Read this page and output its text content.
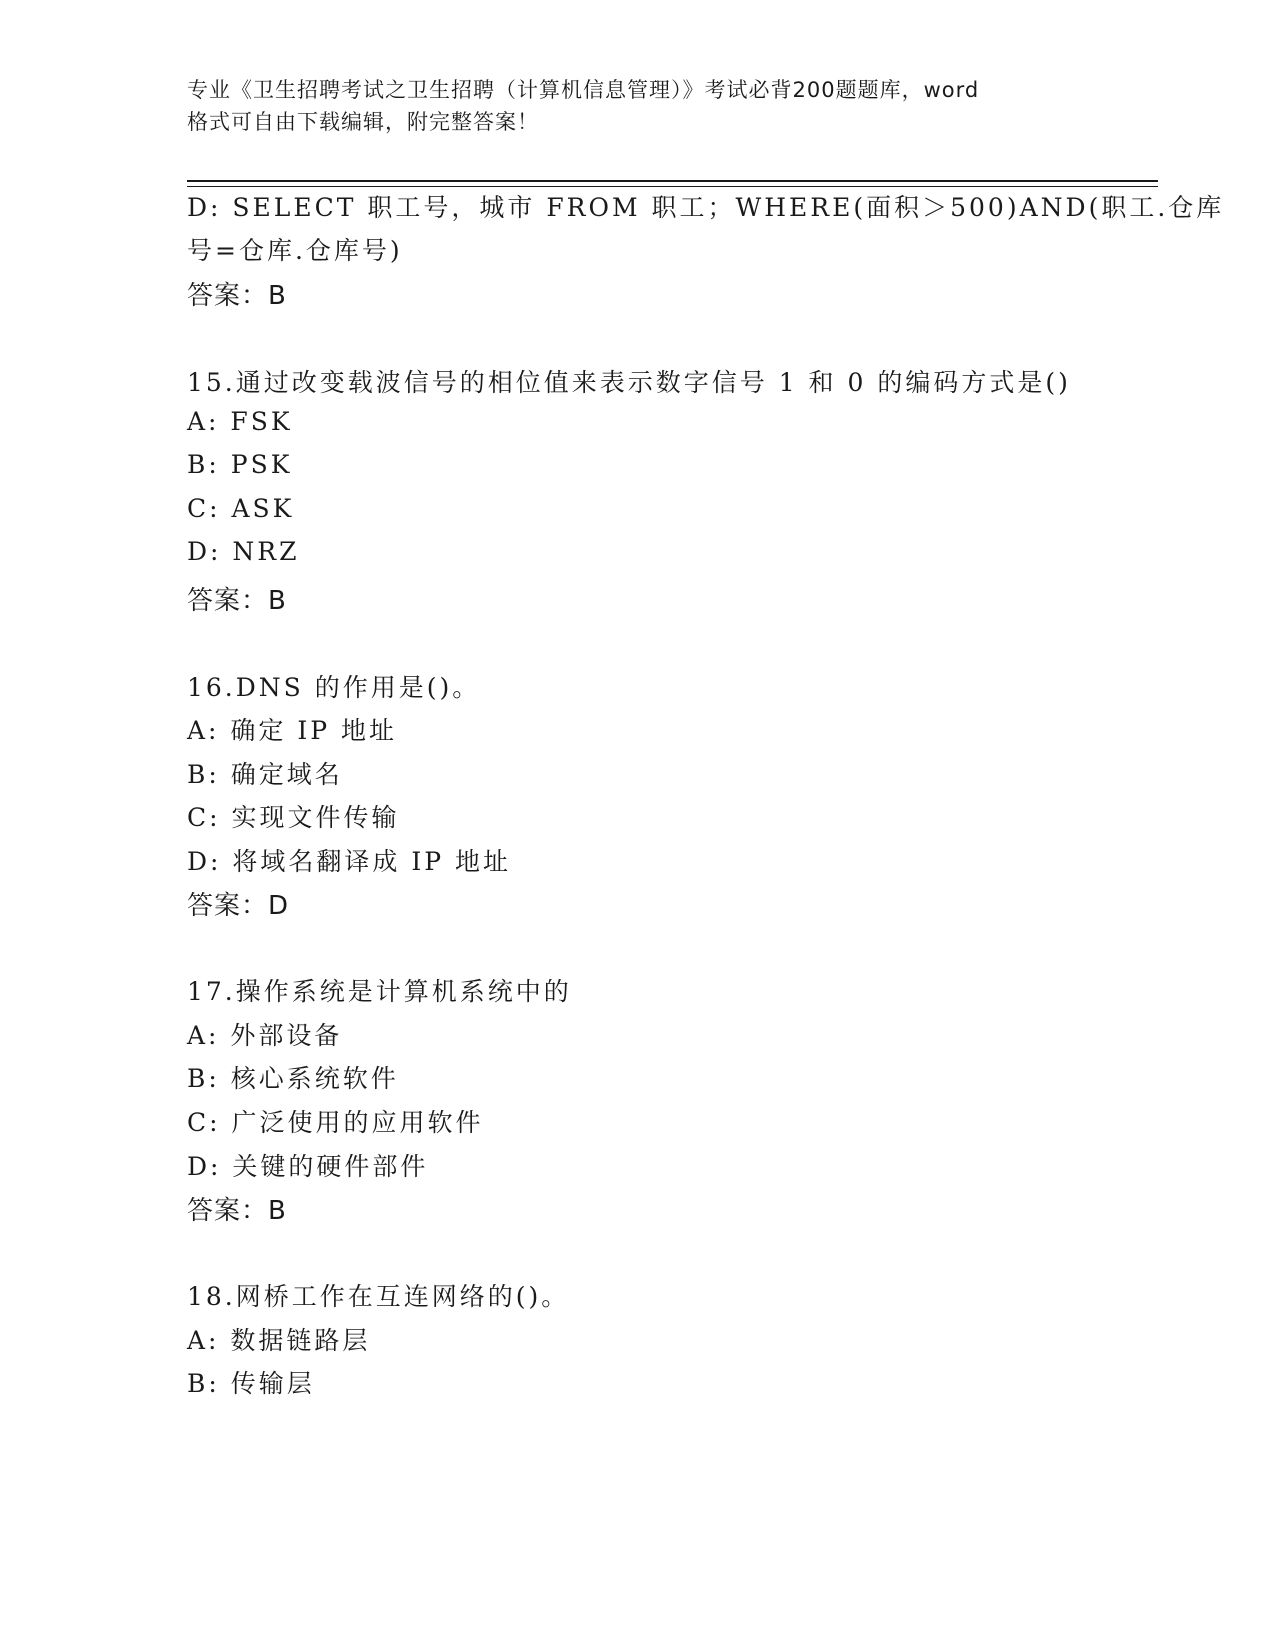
专业《卫生招聘考试之卫生招聘（计算机信息管理）》考试必背200题题库，word
格式可自由下载编辑，附完整答案！
D: SELECT 职工号，城市 FROM 职工；WHERE(面积＞500)AND(职工.仓库
号=仓库.仓库号)
答案：B
15.通过改变载波信号的相位值来表示数字信号 1 和 0 的编码方式是()
A: FSK
B: PSK
C: ASK
D: NRZ
答案：B
16.DNS 的作用是()。
A: 确定 IP 地址
B: 确定域名
C: 实现文件传输
D: 将域名翻译成 IP 地址
答案：D
17.操作系统是计算机系统中的
A: 外部设备
B: 核心系统软件
C: 广泛使用的应用软件
D: 关键的硬件部件
答案：B
18.网桥工作在互连网络的()。
A: 数据链路层
B: 传输层
